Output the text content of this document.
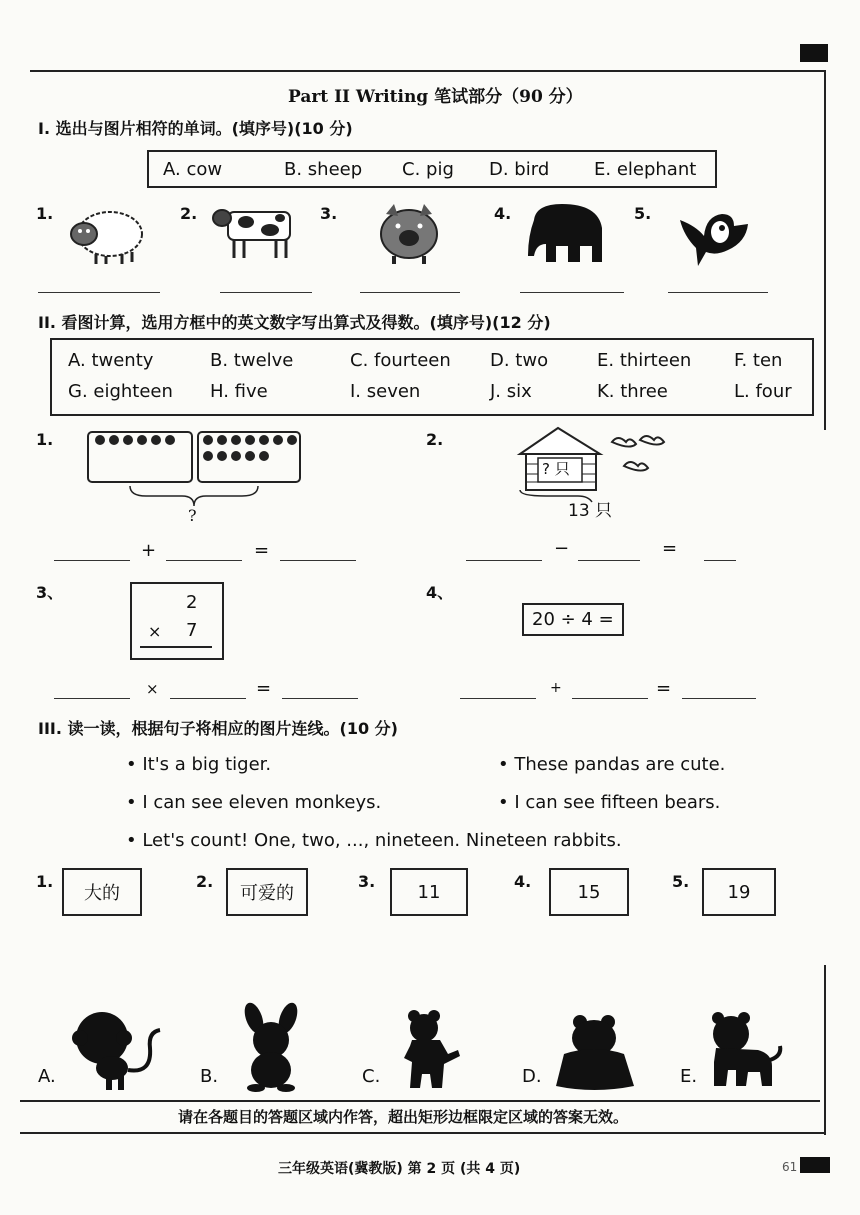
61
Part II Writing 笔试部分（90 分）
I. 选出与图片相符的单词。(填序号)(10 分)
A. cow	B. sheep C. pig D. bird E. elephant
1.	2.	3.	4.	5.
II. 看图计算，选用方框中的英文数字写出算式及得数。(填序号)(12 分)
A. twenty	B. twelve	C. fourteen D. two	E. thirteen F. ten
G. eighteen H. five	I. seven	J. six	K. three	L. four
1.
?
+	=
2.
? 只
13 只
−	=
3、	2
× 7
×	=
4、
20 ÷ 4 =
+	=
III. 读一读，根据句子将相应的图片连线。(10 分)
• It's a big tiger.	• These pandas are cute.
• I can see eleven monkeys.	• I can see fifteen bears.
• Let's count! One, two, ..., nineteen. Nineteen rabbits.
1.
大的
2.
可爱的
3.	11	4.	15	5.	19
A.	B.	C.	D.	E.
请在各题目的答题区域内作答，超出矩形边框限定区域的答案无效。
三年级英语(冀教版) 第 2 页 (共 4 页)
